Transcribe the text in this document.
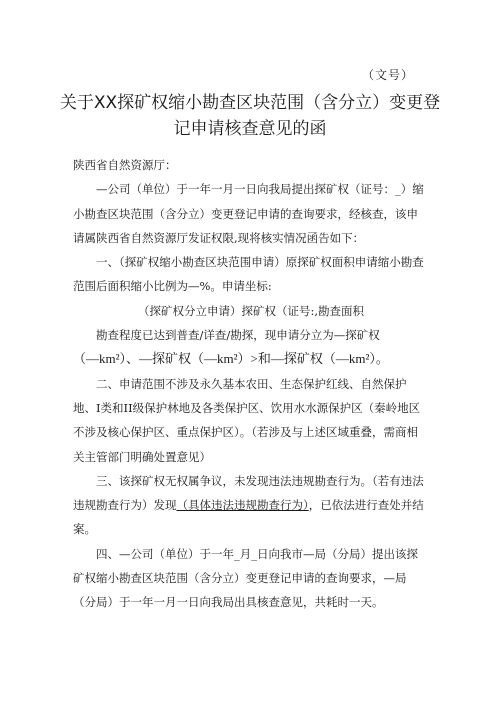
（文号）
关于XX探矿权缩小勘查区块范围（含分立）变更登
记申请核查意见的函

陕西省自然资源厅：

—公司（单位）于一年一月一日向我局提出探矿权（证号：_）缩小勘查区块范围（含分立）变更登记申请的查询要求，经核查，该申请属陕西省自然资源厅发证权限,现将核实情况函告如下：

一、（探矿权缩小勘查区块范围申请）原探矿权面积申请缩小勘查范围后面积缩小比例为—%。申请坐标:

（探矿权分立申请）探矿权（证号:,勘查面积

勘查程度已达到普查/详查/勘探，现申请分立为—探矿权

（—km²）、—探矿权（—km²）>和—探矿权（—km²）。

二、申请范围不涉及永久基本农田、生态保护红线、自然保护地、I类和II级保护林地及各类保护区、饮用水水源保护区（秦岭地区不涉及核心保护区、重点保护区）。（若涉及与上述区域重叠，需商相关主管部门明确处置意见）

三、该探矿权无权属争议，未发现违法违规勘查行为。（若有违法违规勘查行为）发现（具体违法违规勘查行为），已依法进行查处并结案。

四、—公司（单位）于一年_月_日向我市—局（分局）提出该探矿权缩小勘查区块范围（含分立）变更登记申请的查询要求，—局（分局）于一年一月一日向我局出具核查意见，共耗时一天。
